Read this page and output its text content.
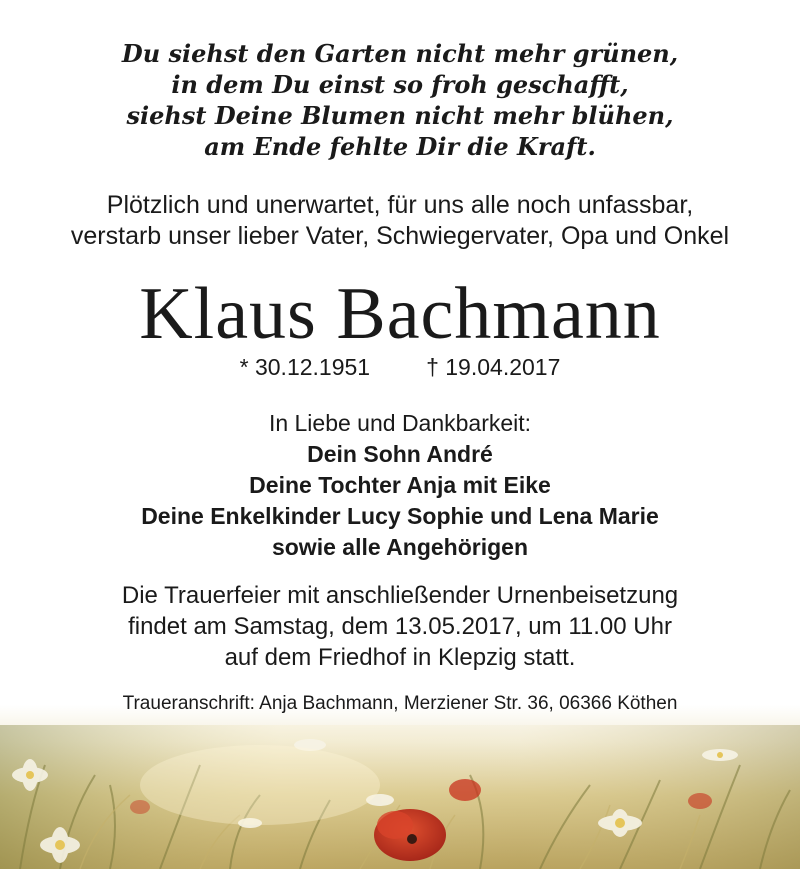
Du siehst den Garten nicht mehr grünen,
in dem Du einst so froh geschafft,
siehst Deine Blumen nicht mehr blühen,
am Ende fehlte Dir die Kraft.
Plötzlich und unerwartet, für uns alle noch unfassbar,
verstarb unser lieber Vater, Schwiegervater, Opa und Onkel
Klaus Bachmann
* 30.12.1951 † 19.04.2017
In Liebe und Dankbarkeit:
Dein Sohn André
Deine Tochter Anja mit Eike
Deine Enkelkinder Lucy Sophie und Lena Marie
sowie alle Angehörigen
Die Trauerfeier mit anschließender Urnenbeisetzung
findet am Samstag, dem 13.05.2017, um 11.00 Uhr
auf dem Friedhof in Klepzig statt.
Traueranschrift: Anja Bachmann, Merziener Str. 36, 06366 Köthen
